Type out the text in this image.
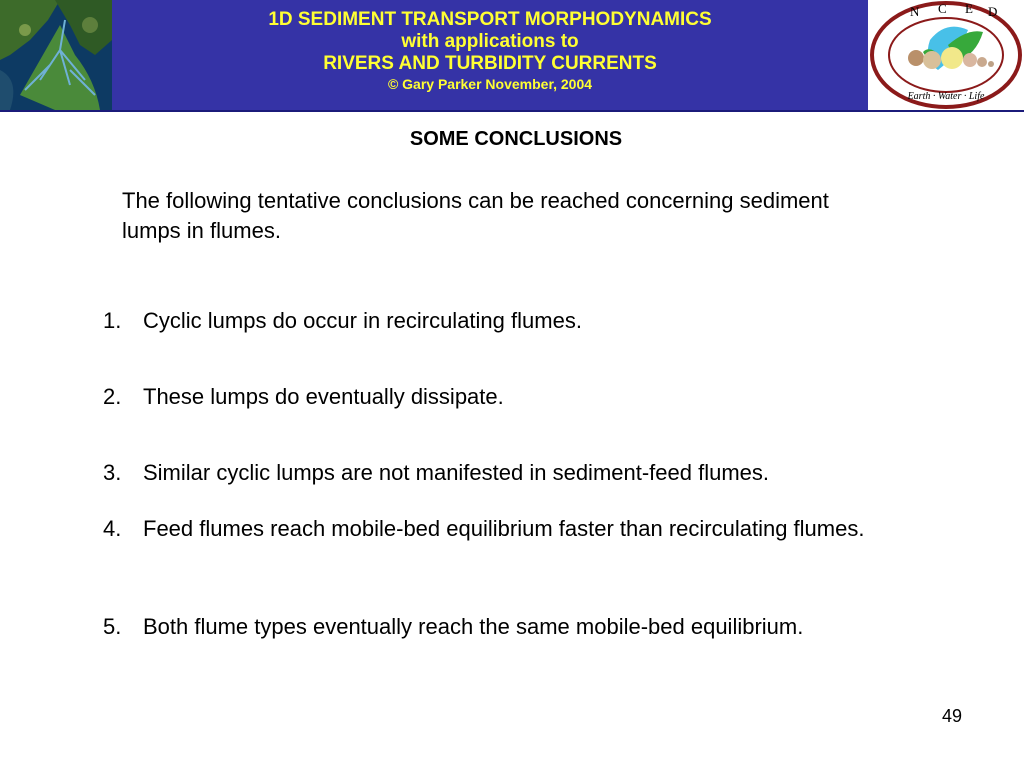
1D SEDIMENT TRANSPORT MORPHODYNAMICS
with applications to
RIVERS AND TURBIDITY CURRENTS
© Gary Parker November, 2004
N C E D
Earth · Water · Life
SOME CONCLUSIONS
The following tentative conclusions can be reached concerning sediment lumps in flumes.
1. Cyclic lumps do occur in recirculating flumes.
2. These lumps do eventually dissipate.
3. Similar cyclic lumps are not manifested in sediment-feed flumes.
4. Feed flumes reach mobile-bed equilibrium faster than recirculating flumes.
5. Both flume types eventually reach the same mobile-bed equilibrium.
49
